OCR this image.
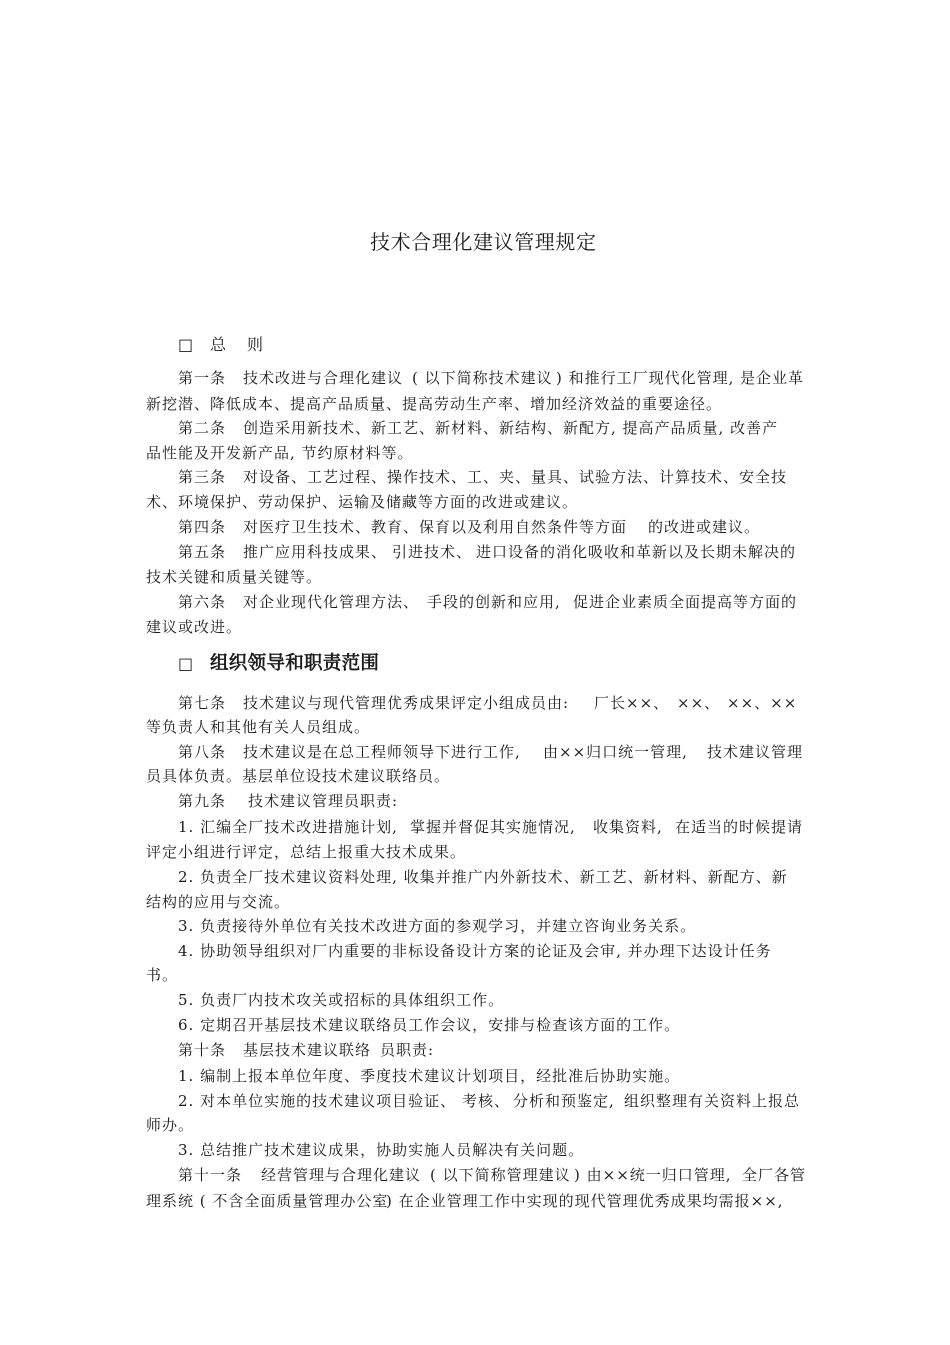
技术合理化建议管理规定
□ 总 则
第一条 技术改进与合理化建议 ( 以下简称技术建议 ) 和推行工厂现代化管理, 是企业革
新挖潜、降低成本、提高产品质量、提高劳动生产率、增加经济效益的重要途径。
第二条 创造采用新技术、新工艺、新材料、新结构、新配方, 提高产品质量, 改善产
品性能及开发新产品, 节约原材料等。
第三条 对设备、工艺过程、操作技术、工、夹、量具、试验方法、计算技术、安全技
术、环境保护、劳动保护、运输及储藏等方面的改进或建议。
第四条 对医疗卫生技术、教育、保育以及利用自然条件等方面 的改进或建议。
第五条 推广应用科技成果、 引进技术、 进口设备的消化吸收和革新以及长期未解决的
技术关键和质量关键等。
第六条 对企业现代化管理方法、 手段的创新和应用, 促进企业素质全面提高等方面的
建议或改进。
□ 组织领导和职责范围
第七条 技术建议与现代管理优秀成果评定小组成员由: 厂长××、 ××、 ××、××
等负责人和其他有关人员组成。
第八条 技术建议是在总工程师领导下进行工作, 由××归口统一管理, 技术建议管理
员具体负责。基层单位设技术建议联络员。
第九条 技术建议管理员职责:
1. 汇编全厂技术改进措施计划, 掌握并督促其实施情况, 收集资料, 在适当的时候提请
评定小组进行评定，总结上报重大技术成果。
2. 负责全厂技术建议资料处理, 收集并推广内外新技术、新工艺、新材料、新配方、新
结构的应用与交流。
3. 负责接待外单位有关技术改进方面的参观学习，并建立咨询业务关系。
4. 协助领导组织对厂内重要的非标设备设计方案的论证及会审, 并办理下达设计任务
书。
5. 负责厂内技术攻关或招标的具体组织工作。
6. 定期召开基层技术建议联络员工作会议，安排与检查该方面的工作。
第十条 基层技术建议联络 员职责:
1. 编制上报本单位年度、季度技术建议计划项目，经批准后协助实施。
2. 对本单位实施的技术建议项目验证、 考核、 分析和预鉴定, 组织整理有关资料上报总
师办。
3. 总结推广技术建议成果，协助实施人员解决有关问题。
第十一条 经营管理与合理化建议 ( 以下简称管理建议 ) 由××统一归口管理, 全厂各管
理系统 ( 不含全面质量管理办公室
) 在企业管理工作中实现的现代管理优秀成果均需报××,
